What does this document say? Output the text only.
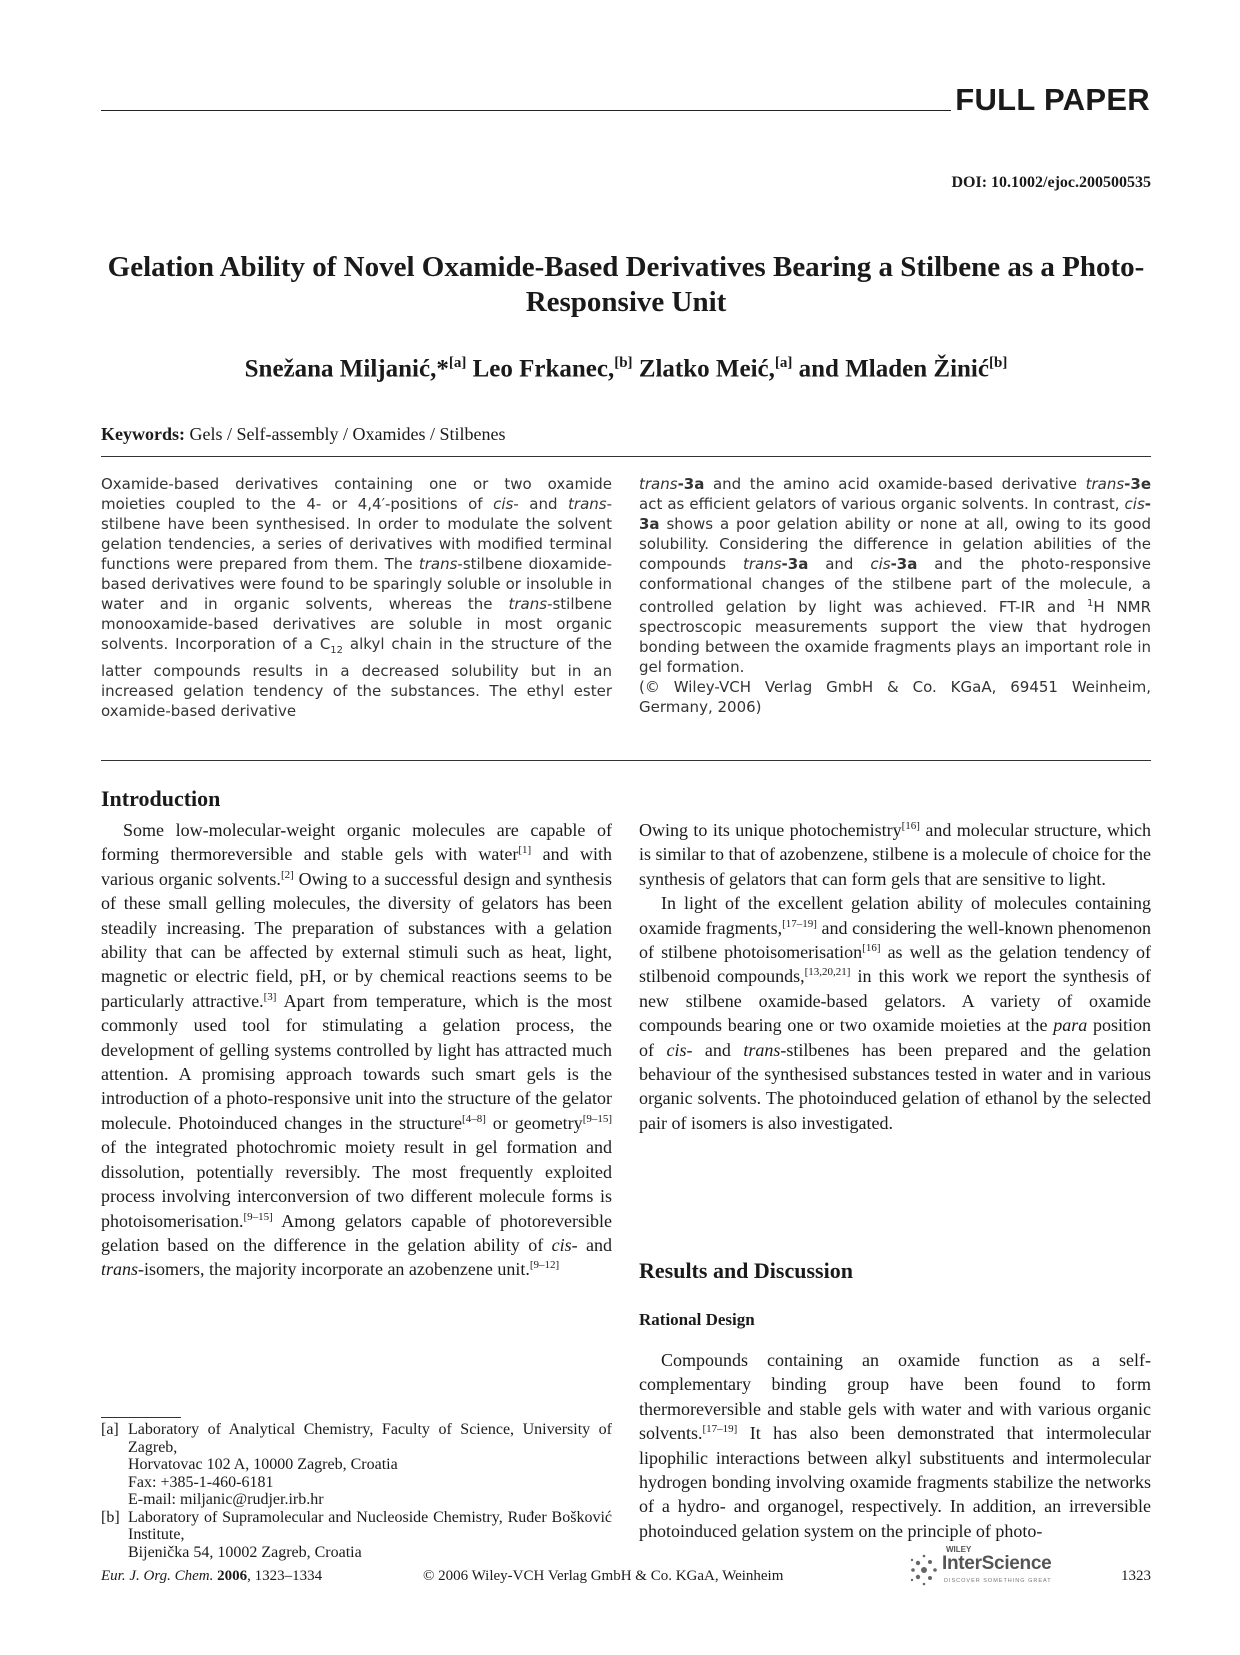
FULL PAPER
DOI: 10.1002/ejoc.200500535
Gelation Ability of Novel Oxamide-Based Derivatives Bearing a Stilbene as a Photo-Responsive Unit
Snežana Miljanić,*[a] Leo Frkanec,[b] Zlatko Meić,[a] and Mladen Žinić[b]
Keywords: Gels / Self-assembly / Oxamides / Stilbenes
Oxamide-based derivatives containing one or two oxamide moieties coupled to the 4- or 4,4′-positions of cis- and trans-stilbene have been synthesised. In order to modulate the solvent gelation tendencies, a series of derivatives with modified terminal functions were prepared from them. The trans-stilbene dioxamide-based derivatives were found to be sparingly soluble or insoluble in water and in organic solvents, whereas the trans-stilbene monooxamide-based derivatives are soluble in most organic solvents. Incorporation of a $C_{12}$ alkyl chain in the structure of the latter compounds results in a decreased solubility but in an increased gelation tendency of the substances. The ethyl ester oxamide-based derivative
trans-3a and the amino acid oxamide-based derivative trans-3e act as efficient gelators of various organic solvents. In contrast, cis-3a shows a poor gelation ability or none at all, owing to its good solubility. Considering the difference in gelation abilities of the compounds trans-3a and cis-3a and the photo-responsive conformational changes of the stilbene part of the molecule, a controlled gelation by light was achieved. FT-IR and $^1$H NMR spectroscopic measurements support the view that hydrogen bonding between the oxamide fragments plays an important role in gel formation.
(© Wiley-VCH Verlag GmbH & Co. KGaA, 69451 Weinheim, Germany, 2006)
Introduction

Some low-molecular-weight organic molecules are capable of forming thermoreversible and stable gels with water[1] and with various organic solvents.[2] Owing to a successful design and synthesis of these small gelling molecules, the diversity of gelators has been steadily increasing. The preparation of substances with a gelation ability that can be affected by external stimuli such as heat, light, magnetic or electric field, pH, or by chemical reactions seems to be particularly attractive.[3] Apart from temperature, which is the most commonly used tool for stimulating a gelation process, the development of gelling systems controlled by light has attracted much attention. A promising approach towards such smart gels is the introduction of a photo-responsive unit into the structure of the gelator molecule. Photoinduced changes in the structure[4–8] or geometry[9–15] of the integrated photochromic moiety result in gel formation and dissolution, potentially reversibly. The most frequently exploited process involving interconversion of two different molecule forms is photoisomerisation.[9–15] Among gelators capable of photoreversible gelation based on the difference in the gelation ability of cis- and trans-isomers, the majority incorporate an azobenzene unit.[9–12]

Owing to its unique photochemistry[16] and molecular structure, which is similar to that of azobenzene, stilbene is a molecule of choice for the synthesis of gelators that can form gels that are sensitive to light.

In light of the excellent gelation ability of molecules containing oxamide fragments,[17–19] and considering the well-known phenomenon of stilbene photoisomerisation[16] as well as the gelation tendency of stilbenoid compounds,[13,20,21] in this work we report the synthesis of new stilbene oxamide-based gelators. A variety of oxamide compounds bearing one or two oxamide moieties at the para position of cis- and trans-stilbenes has been prepared and the gelation behaviour of the synthesised substances tested in water and in various organic solvents. The photoinduced gelation of ethanol by the selected pair of isomers is also investigated.

Results and Discussion
Rational Design

Compounds containing an oxamide function as a self-complementary binding group have been found to form thermoreversible and stable gels with water and with various organic solvents.[17–19] It has also been demonstrated that intermolecular lipophilic interactions between alkyl substituents and intermolecular hydrogen bonding involving oxamide fragments stabilize the networks of a hydro- and organogel, respectively. In addition, an irreversible photoinduced gelation system on the principle of photo-

[a] Laboratory of Analytical Chemistry, Faculty of Science, University of Zagreb,
Horvatovac 102 A, 10000 Zagreb, Croatia
Fax: +385-1-460-6181
E-mail: miljanic@rudjer.irb.hr
[b] Laboratory of Supramolecular and Nucleoside Chemistry, Ruđer Bošković Institute,
Bijenička 54, 10002 Zagreb, Croatia
Eur. J. Org. Chem. 2006, 1323–1334	© 2006 Wiley-VCH Verlag GmbH & Co. KGaA, Weinheim
WILEY
InterScience
DISCOVER SOMETHING GREAT	1323
